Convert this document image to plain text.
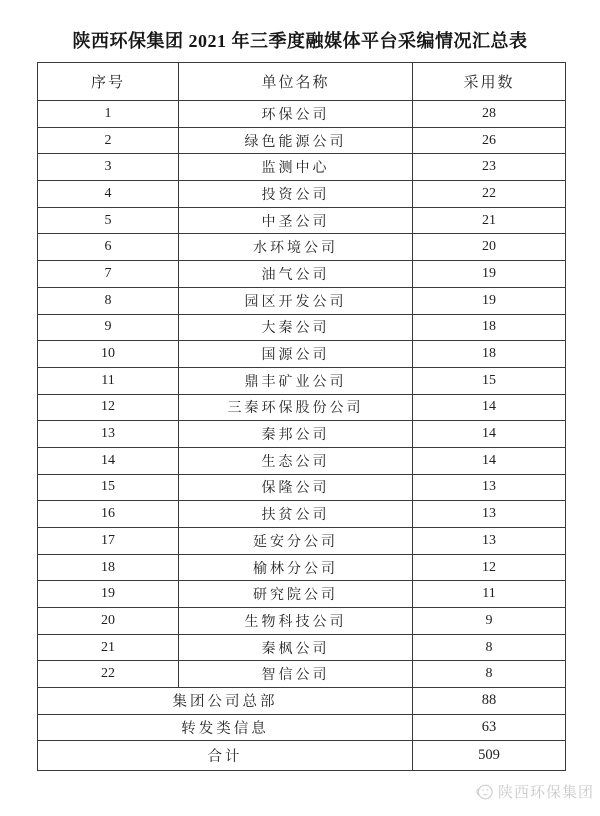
陕西环保集团 2021 年三季度融媒体平台采编情况汇总表
序号	单位名称	采用数
1	环保公司	28
2	绿色能源公司	26
3	监测中心	23
4	投资公司	22
5	中圣公司	21
6	水环境公司	20
7	油气公司	19
8	园区开发公司	19
9	大秦公司	18
10	国源公司	18
11	鼎丰矿业公司	15
12	三秦环保股份公司	14
13	秦邦公司	14
14	生态公司	14
15	保隆公司	13
16	扶贫公司	13
17	延安分公司	13
18	榆林分公司	12
19	研究院公司	11
20	生物科技公司	9
21	秦枫公司	8
22	智信公司	8
集团公司总部		88
转发类信息		63
合计		509
陕西环保集团
